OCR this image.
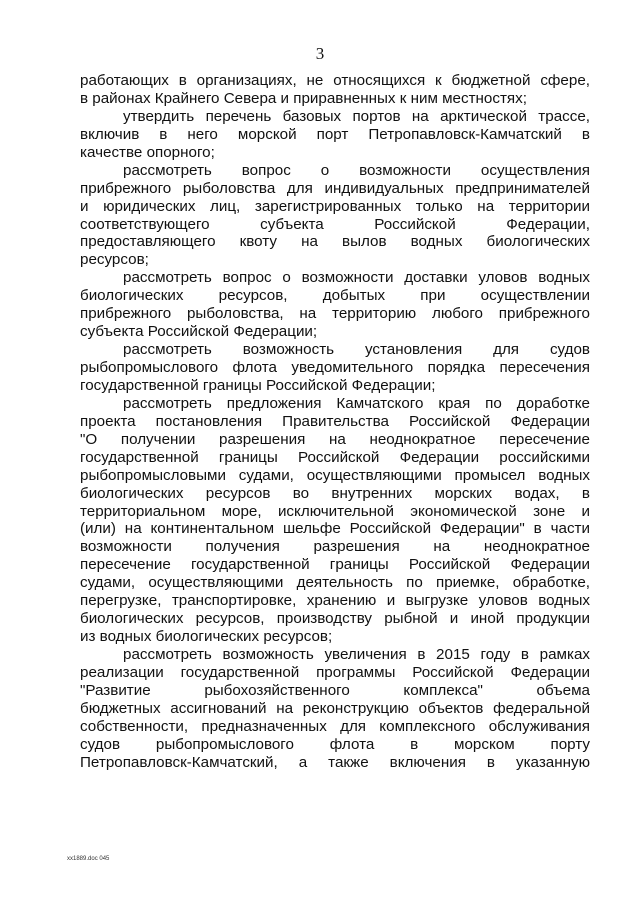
3
работающих в организациях, не относящихся к бюджетной сфере,
в районах Крайнего Севера и приравненных к ним местностях;
утвердить перечень базовых портов на арктической трассе,
включив в него морской порт Петропавловск-Камчатский в
качестве опорного;
рассмотреть вопрос о возможности осуществления
прибрежного рыболовства для индивидуальных предпринимателей
и юридических лиц, зарегистрированных только на территории
соответствующего субъекта Российской Федерации,
предоставляющего квоту на вылов водных биологических
ресурсов;
рассмотреть вопрос о возможности доставки уловов водных
биологических ресурсов, добытых при осуществлении
прибрежного рыболовства, на территорию любого прибрежного
субъекта Российской Федерации;
рассмотреть возможность установления для судов
рыбопромыслового флота уведомительного порядка пересечения
государственной границы Российской Федерации;
рассмотреть предложения Камчатского края по доработке
проекта постановления Правительства Российской Федерации
"О получении разрешения на неоднократное пересечение
государственной границы Российской Федерации российскими
рыбопромысловыми судами, осуществляющими промысел водных
биологических ресурсов во внутренних морских водах, в
территориальном море, исключительной экономической зоне и
(или) на континентальном шельфе Российской Федерации" в части
возможности получения разрешения на неоднократное
пересечение государственной границы Российской Федерации
судами, осуществляющими деятельность по приемке, обработке,
перегрузке, транспортировке, хранению и выгрузке уловов водных
биологических ресурсов, производству рыбной и иной продукции
из водных биологических ресурсов;
рассмотреть возможность увеличения в 2015 году в рамках
реализации государственной программы Российской Федерации
"Развитие рыбохозяйственного комплекса" объема
бюджетных ассигнований на реконструкцию объектов федеральной
собственности, предназначенных для комплексного обслуживания
судов рыбопромыслового флота в морском порту
Петропавловск-Камчатский, а также включения в указанную
хх1889.doc 045
